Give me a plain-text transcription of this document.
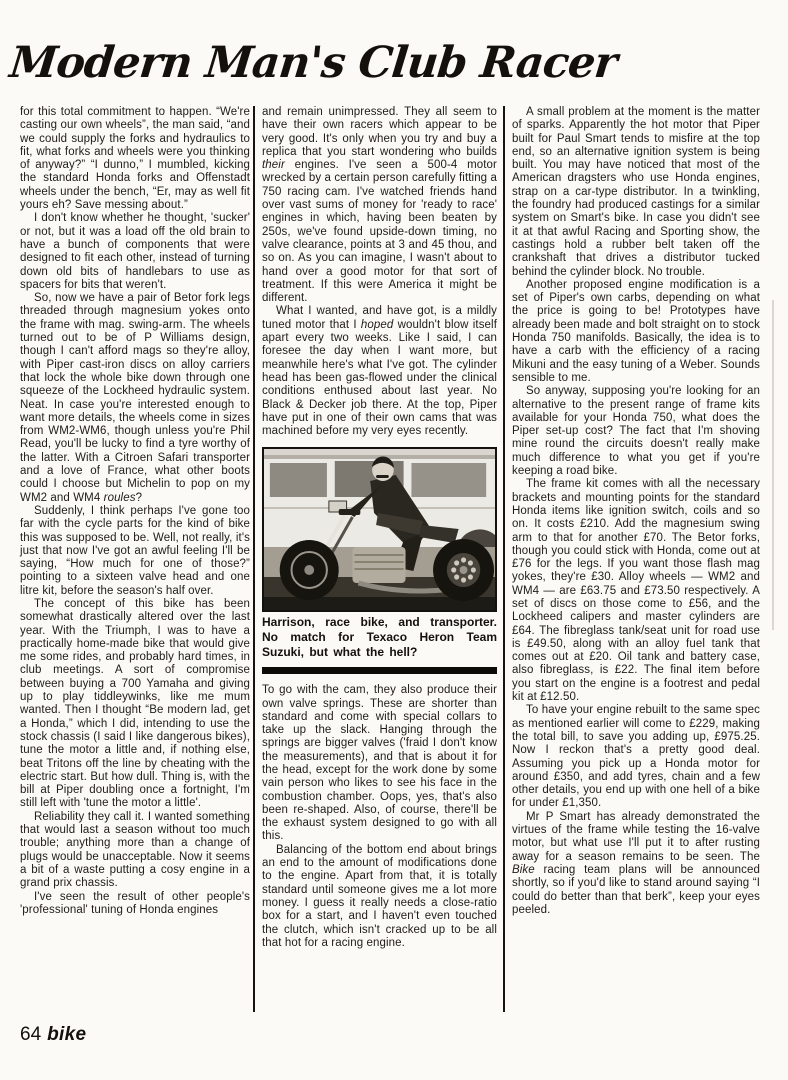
Modern Man's Club Racer

for this total commitment to happen. “We're casting our own wheels”, the man said, “and we could supply the forks and hydraulics to fit, what forks and wheels were you thinking of anyway?” “I dunno,” I mumbled, kicking the standard Honda forks and Offenstadt wheels under the bench, “Er, may as well fit yours eh? Save messing about.”

I don't know whether he thought, 'sucker' or not, but it was a load off the old brain to have a bunch of components that were designed to fit each other, instead of turning down old bits of handlebars to use as spacers for bits that weren't.

So, now we have a pair of Betor fork legs threaded through magnesium yokes onto the frame with mag. swing-arm. The wheels turned out to be of P Williams design, though I can't afford mags so they're alloy, with Piper cast-iron discs on alloy carriers that lock the whole bike down through one squeeze of the Lockheed hydraulic system. Neat. In case you're interested enough to want more details, the wheels come in sizes from WM2-WM6, though unless you're Phil Read, you'll be lucky to find a tyre worthy of the latter. With a Citroen Safari transporter and a love of France, what other boots could I choose but Michelin to pop on my WM2 and WM4 roules?

Suddenly, I think perhaps I've gone too far with the cycle parts for the kind of bike this was supposed to be. Well, not really, it's just that now I've got an awful feeling I'll be saying, “How much for one of those?” pointing to a sixteen valve head and one litre kit, before the season's half over.

The concept of this bike has been somewhat drastically altered over the last year. With the Triumph, I was to have a practically home-made bike that would give me some rides, and probably hard times, in club meetings. A sort of compromise between buying a 700 Yamaha and giving up to play tiddleywinks, like me mum wanted. Then I thought “Be modern lad, get a Honda,” which I did, intending to use the stock chassis (I said I like dangerous bikes), tune the motor a little and, if nothing else, beat Tritons off the line by cheating with the electric start. But how dull. Thing is, with the bill at Piper doubling once a fortnight, I'm still left with 'tune the motor a little'.

Reliability they call it. I wanted something that would last a season without too much trouble; anything more than a change of plugs would be unacceptable. Now it seems a bit of a waste putting a cosy engine in a grand prix chassis.

I've seen the result of other people's 'professional' tuning of Honda engines

and remain unimpressed. They all seem to have their own racers which appear to be very good. It's only when you try and buy a replica that you start wondering who builds their engines. I've seen a 500-4 motor wrecked by a certain person carefully fitting a 750 racing cam. I've watched friends hand over vast sums of money for 'ready to race' engines in which, having been beaten by 250s, we've found upside-down timing, no valve clearance, points at 3 and 45 thou, and so on. As you can imagine, I wasn't about to hand over a good motor for that sort of treatment. If this were America it might be different.

What I wanted, and have got, is a mildly tuned motor that I hoped wouldn't blow itself apart every two weeks. Like I said, I can foresee the day when I want more, but meanwhile here's what I've got. The cylinder head has been gas-flowed under the clinical conditions enthused about last year. No Black & Decker job there. At the top, Piper have put in one of their own cams that was machined before my very eyes recently.

Harrison, race bike, and transporter. No match for Texaco Heron Team Suzuki, but what the hell?

To go with the cam, they also produce their own valve springs. These are shorter than standard and come with special collars to take up the slack. Hanging through the springs are bigger valves ('fraid I don't know the measurements), and that is about it for the head, except for the work done by some vain person who likes to see his face in the combustion chamber. Oops, yes, that's also been re-shaped. Also, of course, there'll be the exhaust system designed to go with all this.

Balancing of the bottom end about brings an end to the amount of modifications done to the engine. Apart from that, it is totally standard until someone gives me a lot more money. I guess it really needs a close-ratio box for a start, and I haven't even touched the clutch, which isn't cracked up to be all that hot for a racing engine.

A small problem at the moment is the matter of sparks. Apparently the hot motor that Piper built for Paul Smart tends to misfire at the top end, so an alternative ignition system is being built. You may have noticed that most of the American dragsters who use Honda engines, strap on a car-type distributor. In a twinkling, the foundry had produced castings for a similar system on Smart's bike. In case you didn't see it at that awful Racing and Sporting show, the castings hold a rubber belt taken off the crankshaft that drives a distributor tucked behind the cylinder block. No trouble.

Another proposed engine modification is a set of Piper's own carbs, depending on what the price is going to be! Prototypes have already been made and bolt straight on to stock Honda 750 manifolds. Basically, the idea is to have a carb with the efficiency of a racing Mikuni and the easy tuning of a Weber. Sounds sensible to me.

So anyway, supposing you're looking for an alternative to the present range of frame kits available for your Honda 750, what does the Piper set-up cost? The fact that I'm shoving mine round the circuits doesn't really make much difference to what you get if you're keeping a road bike.

The frame kit comes with all the necessary brackets and mounting points for the standard Honda items like ignition switch, coils and so on. It costs £210. Add the magnesium swing arm to that for another £70. The Betor forks, though you could stick with Honda, come out at £76 for the legs. If you want those flash mag yokes, they're £30. Alloy wheels — WM2 and WM4 — are £63.75 and £73.50 respectively. A set of discs on those come to £56, and the Lockheed calipers and master cylinders are £64. The fibreglass tank/seat unit for road use is £49.50, along with an alloy fuel tank that comes out at £20. Oil tank and battery case, also fibreglass, is £22. The final item before you start on the engine is a footrest and pedal kit at £12.50.

To have your engine rebuilt to the same spec as mentioned earlier will come to £229, making the total bill, to save you adding up, £975.25. Now I reckon that's a pretty good deal. Assuming you pick up a Honda motor for around £350, and add tyres, chain and a few other details, you end up with one hell of a bike for under £1,350.

Mr P Smart has already demonstrated the virtues of the frame while testing the 16-valve motor, but what use I'll put it to after rusting away for a season remains to be seen. The Bike racing team plans will be announced shortly, so if you'd like to stand around saying “I could do better than that berk”, keep your eyes peeled.

64 bike
